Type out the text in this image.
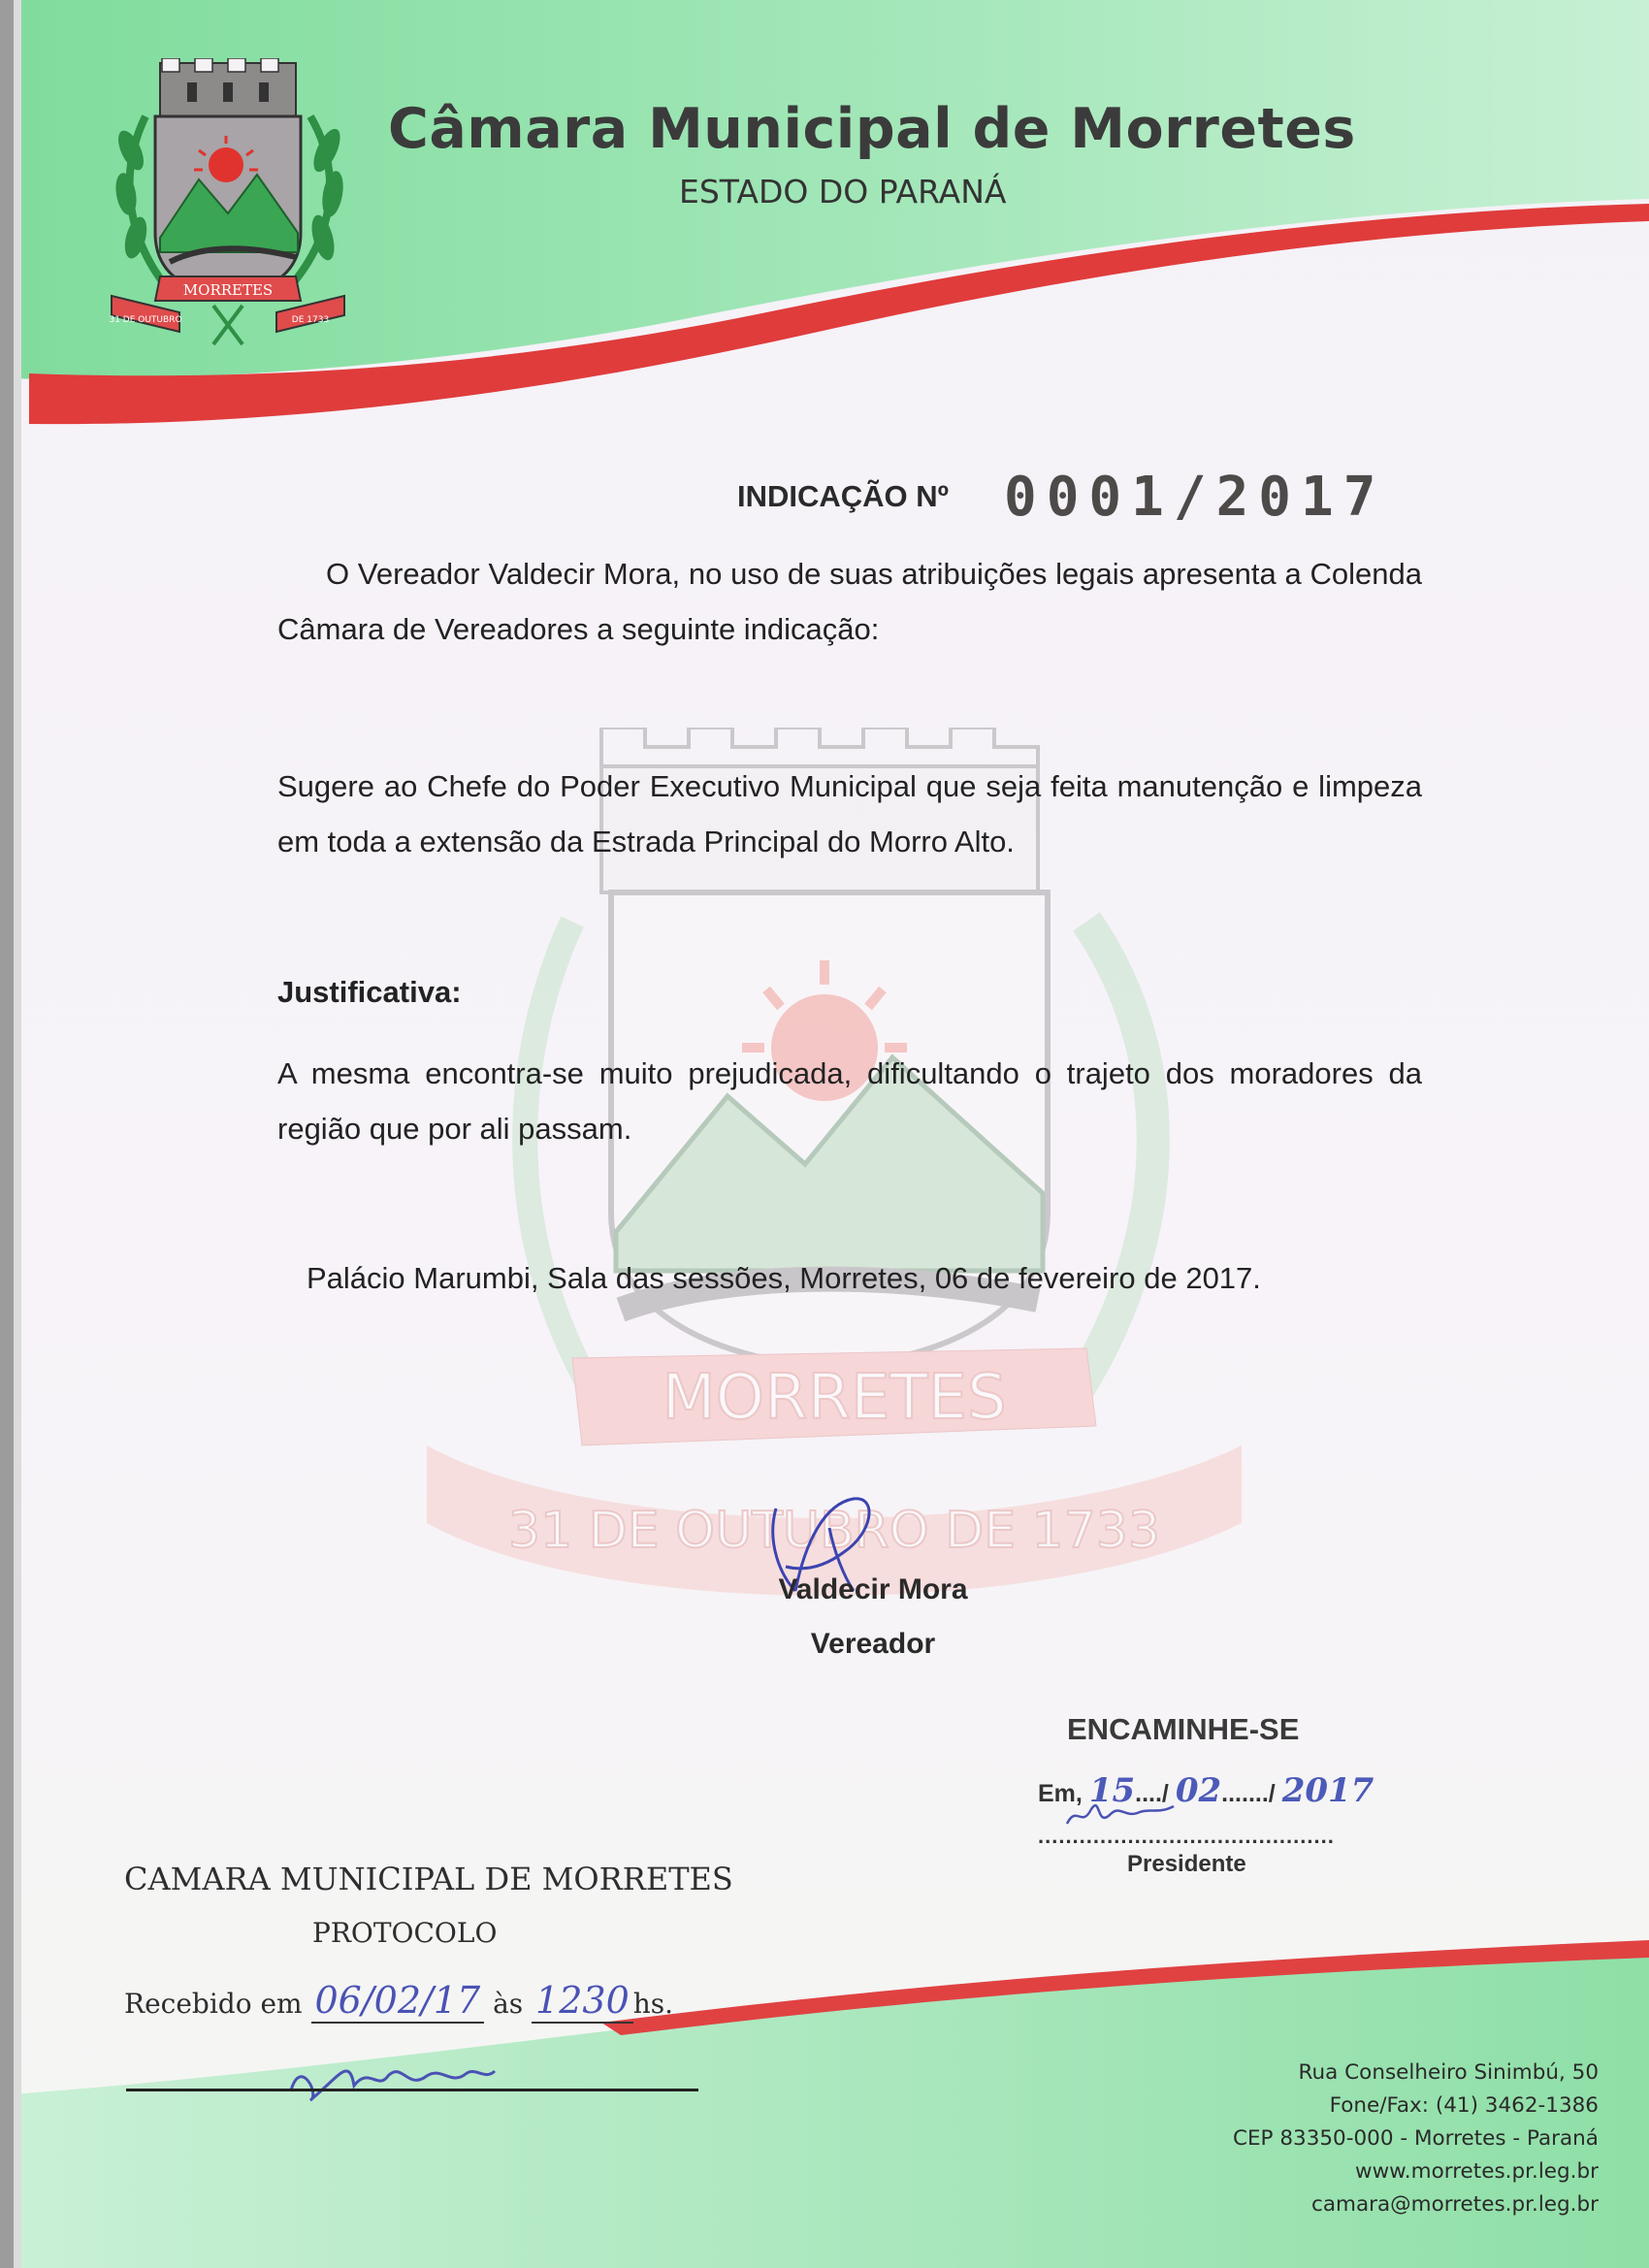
MORRETES
31 DE OUTUBRO	DE 1733
MORRETES
31 DE OUTUBRO DE 1733
Câmara Municipal de Morretes
ESTADO DO PARANÁ
INDICAÇÃO Nº 0001/2017
O Vereador Valdecir Mora, no uso de suas atribuições legais apresenta a Colenda Câmara de Vereadores a seguinte indicação:
Sugere ao Chefe do Poder Executivo Municipal que seja feita manutenção e limpeza em toda a extensão da Estrada Principal do Morro Alto.
Justificativa:
A mesma encontra-se muito prejudicada, dificultando o trajeto dos moradores da região que por ali passam.
Palácio Marumbi, Sala das sessões, Morretes, 06 de fevereiro de 2017.
Valdecir Mora
Vereador
ENCAMINHE-SE
Em, 15..../ 02......./ 2017
...........................................
Presidente
CAMARA MUNICIPAL DE MORRETES
PROTOCOLO
Recebido em 06/02/17 às 1230 hs.
Rua Conselheiro Sinimbú, 50
Fone/Fax: (41) 3462-1386
CEP 83350-000 - Morretes - Paraná
www.morretes.pr.leg.br
camara@morretes.pr.leg.br
